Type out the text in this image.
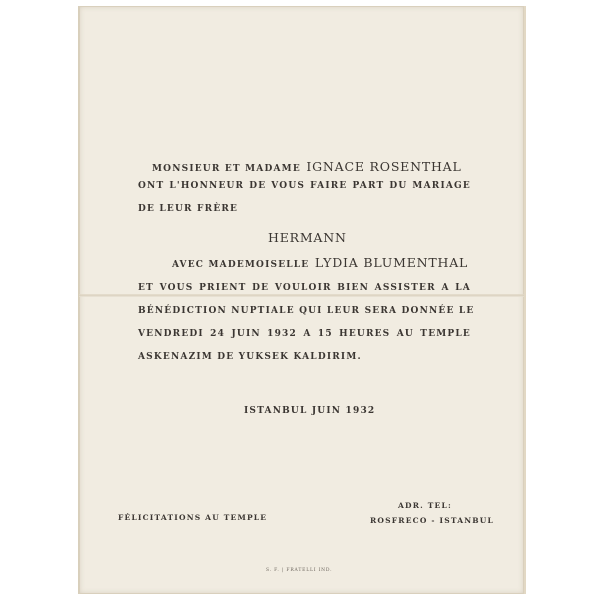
MONSIEUR ET MADAME IGNACE ROSENTHAL
ONT L'HONNEUR DE VOUS FAIRE PART DU MARIAGE
DE LEUR FRÈRE
HERMANN
AVEC MADEMOISELLE LYDIA BLUMENTHAL
ET VOUS PRIENT DE VOULOIR BIEN ASSISTER A LA
BÉNÉDICTION NUPTIALE QUI LEUR SERA DONNÉE LE
VENDREDI 24 JUIN 1932 A 15 HEURES AU TEMPLE
ASKENAZIM DE YUKSEK KALDIRIM.
ISTANBUL JUIN 1932
ADR. TEL:
FÉLICITATIONS AU TEMPLE	ROSFRECO - ISTANBUL
S. F. | FRATELLI IND.
